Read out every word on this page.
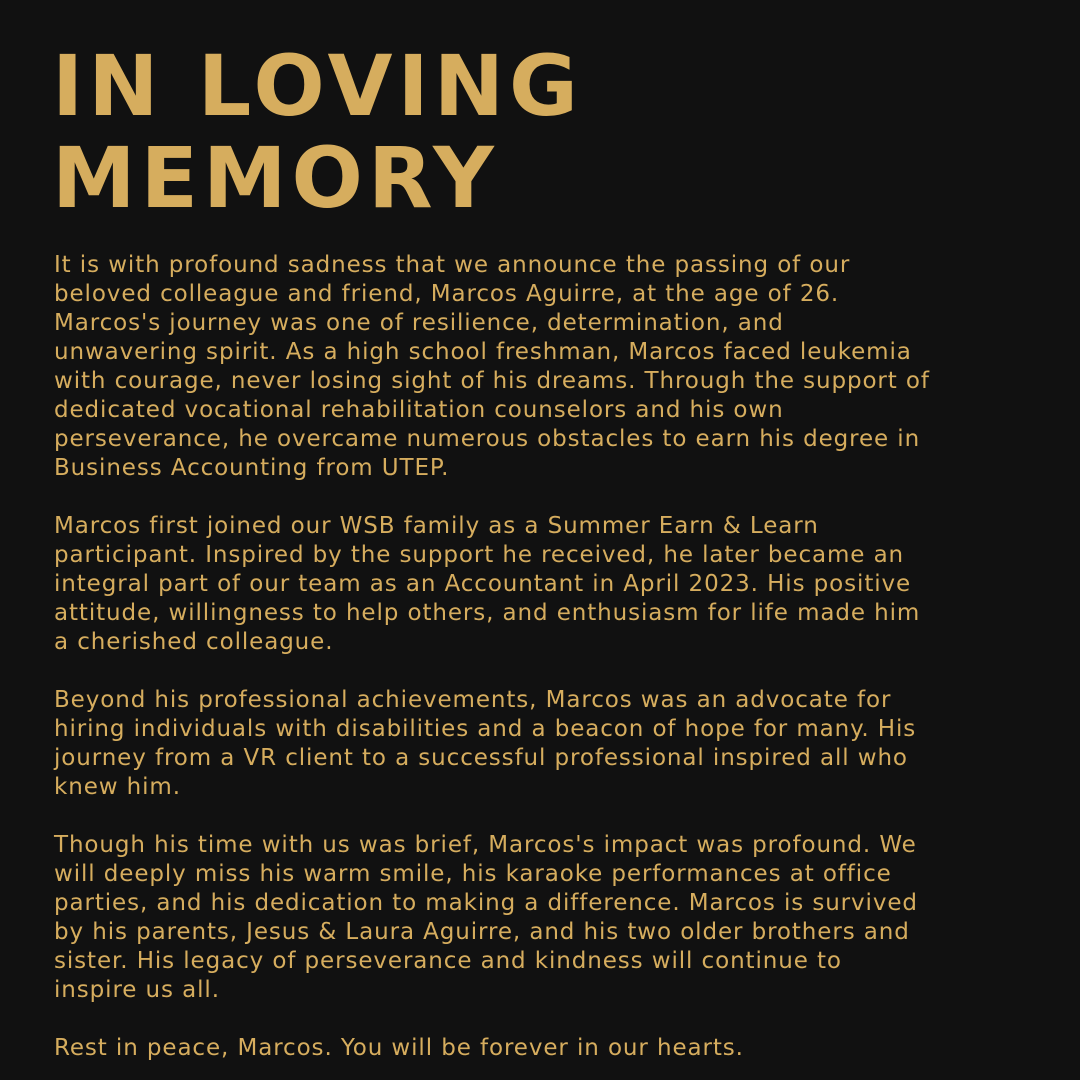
IN LOVING
MEMORY

It is with profound sadness that we announce the passing of our
beloved colleague and friend, Marcos Aguirre, at the age of 26.
Marcos's journey was one of resilience, determination, and
unwavering spirit. As a high school freshman, Marcos faced leukemia
with courage, never losing sight of his dreams. Through the support of
dedicated vocational rehabilitation counselors and his own
perseverance, he overcame numerous obstacles to earn his degree in
Business Accounting from UTEP.

Marcos first joined our WSB family as a Summer Earn & Learn
participant. Inspired by the support he received, he later became an
integral part of our team as an Accountant in April 2023. His positive
attitude, willingness to help others, and enthusiasm for life made him
a cherished colleague.

Beyond his professional achievements, Marcos was an advocate for
hiring individuals with disabilities and a beacon of hope for many. His
journey from a VR client to a successful professional inspired all who
knew him.

Though his time with us was brief, Marcos's impact was profound. We
will deeply miss his warm smile, his karaoke performances at office
parties, and his dedication to making a difference. Marcos is survived
by his parents, Jesus & Laura Aguirre, and his two older brothers and
sister. His legacy of perseverance and kindness will continue to
inspire us all.

Rest in peace, Marcos. You will be forever in our hearts.
